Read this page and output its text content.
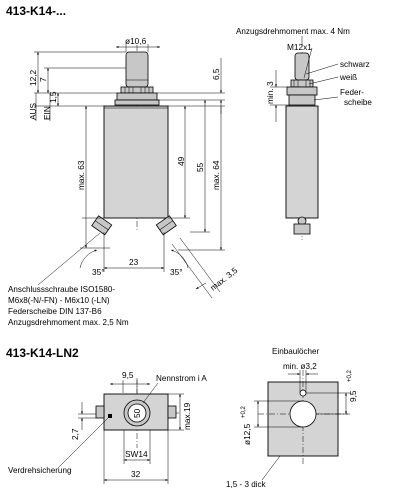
413-K14-...
413-K14-LN2
ø10,6
12,2 7
1,5
AUS EIN
max. 63	49
55 max. 64
6,5
23
35°	35°	max. 3,5
Anzugsdrehmoment max. 4 Nm
M12x1
schwarz
weiß
Feder-
scheibe
min. 3
Anschlussschraube ISO1580-
M6x8(-N/-FN) - M6x10 (-LN)
Federscheibe DIN 137-B6
Anzugsdrehmoment max. 2,5 Nm
50
9,5	Nennstrom i A
max.19
2,7
SW14
32
Verdrehsicherung
Einbaulöcher
min. ø3,2
9,5
+0,2
ø12,5
+0,2
1,5 - 3 dick
